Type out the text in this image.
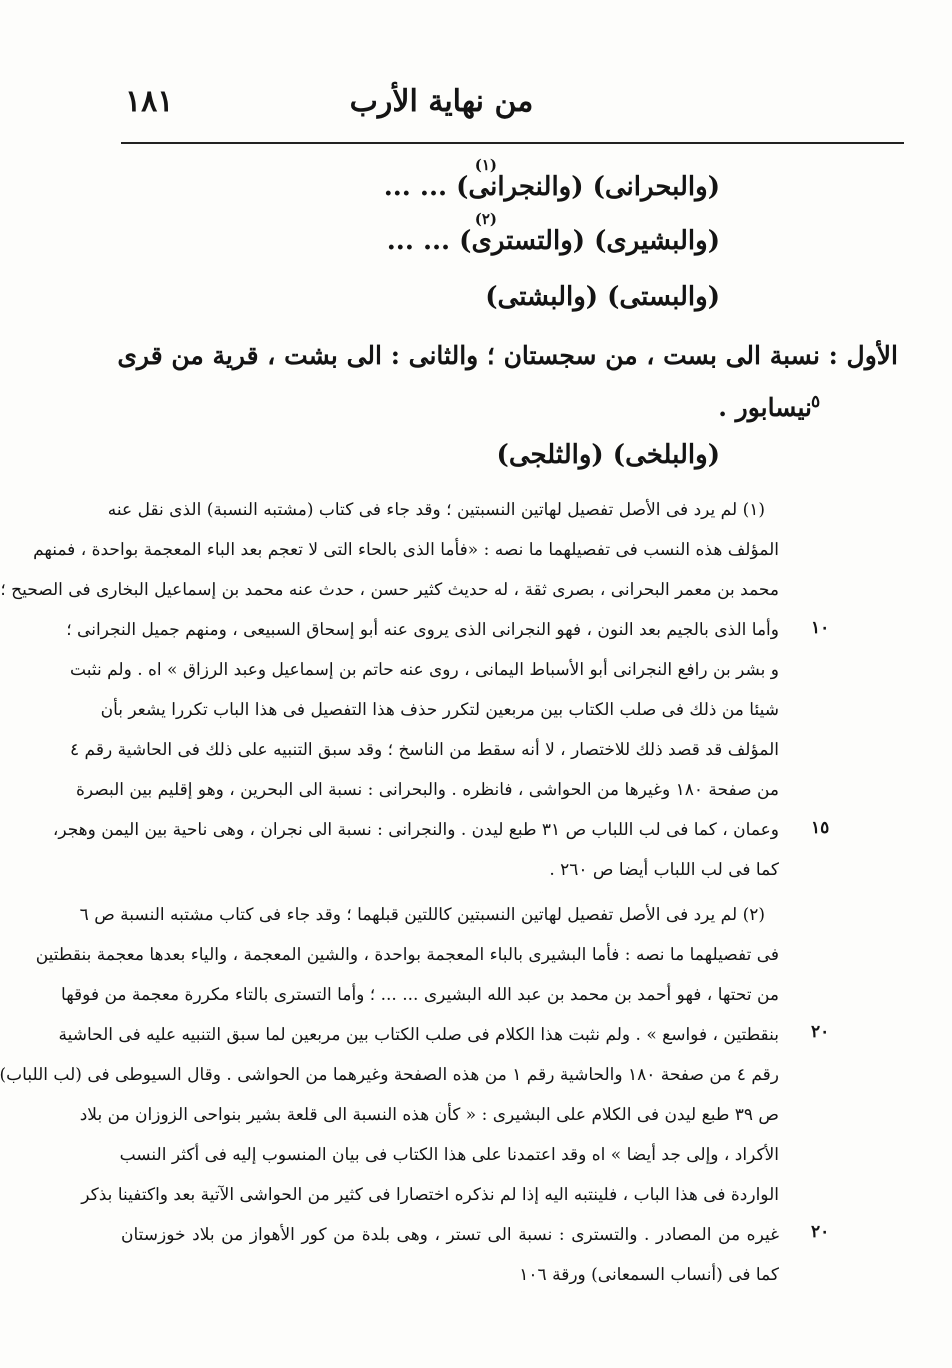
١٨١	من نهاية الأرب
(١)
(والبحرانى) (والنجرانى) ... ...
(٢)
(والبشيرى) (والتسترى) ... ...
(والبستى) (والبشتى)
الأول : نسبة الى بست ، من سجستان ؛ والثانى : الى بشت ، قرية من قرى
نيسابور . ٥
(والبلخى) (والثلجى)
(١) لم يرد فى الأصل تفصيل لهاتين النسبتين ؛ وقد جاء فى كتاب (مشتبه النسبة) الذى نقل عنه
المؤلف هذه النسب فى تفصيلهما ما نصه : «فأما الذى بالحاء التى لا تعجم بعد الباء المعجمة بواحدة ، فمنهم
محمد بن معمر البحرانى ، بصرى ثقة ، له حديث كثير حسن ، حدث عنه محمد بن إسماعيل البخارى فى الصحيح ؛
وأما الذى بالجيم بعد النون ، فهو النجرانى الذى يروى عنه أبو إسحاق السبيعى ، ومنهم جميل النجرانى ؛
و بشر بن رافع النجرانى أبو الأسباط اليمانى ، روى عنه حاتم بن إسماعيل وعبد الرزاق » اه . ولم نثبت
شيئا من ذلك فى صلب الكتاب بين مربعين لتكرر حذف هذا التفصيل فى هذا الباب تكررا يشعر بأن
المؤلف قد قصد ذلك للاختصار ، لا أنه سقط من الناسخ ؛ وقد سبق التنبيه على ذلك فى الحاشية رقم ٤
من صفحة ١٨٠ وغيرها من الحواشى ، فانظره . والبحرانى : نسبة الى البحرين ، وهو إقليم بين البصرة
وعمان ، كما فى لب اللباب ص ٣١ طبع ليدن . والنجرانى : نسبة الى نجران ، وهى ناحية بين اليمن وهجر،
كما فى لب اللباب أيضا ص ٢٦٠ .
(٢) لم يرد فى الأصل تفصيل لهاتين النسبتين كاللتين قبلهما ؛ وقد جاء فى كتاب مشتبه النسبة ص ٦
فى تفصيلهما ما نصه : فأما البشيرى بالباء المعجمة بواحدة ، والشين المعجمة ، والياء بعدها معجمة بنقطتين
من تحتها ، فهو أحمد بن محمد بن عبد الله البشيرى ... ... ؛ وأما التسترى بالتاء مكررة معجمة من فوقها
بنقطتين ، فواسع » . ولم نثبت هذا الكلام فى صلب الكتاب بين مربعين لما سبق التنبيه عليه فى الحاشية
رقم ٤ من صفحة ١٨٠ والحاشية رقم ١ من هذه الصفحة وغيرهما من الحواشى . وقال السيوطى فى (لب اللباب)
ص ٣٩ طبع ليدن فى الكلام على البشيرى : « كأن هذه النسبة الى قلعة بشير بنواحى الزوزان من بلاد
الأكراد ، وإلى جد أيضا » اه وقد اعتمدنا على هذا الكتاب فى بيان المنسوب إليه فى أكثر النسب
الواردة فى هذا الباب ، فلينتبه اليه إذا لم نذكره اختصارا فى كثير من الحواشى الآتية بعد واكتفينا بذكر
غيره من المصادر . والتسترى : نسبة الى تستر ، وهى بلدة من كور الأهواز من بلاد خوزستان
كما فى (أنساب السمعانى) ورقة ١٠٦
١٠
١٥
٢٠
٢٠
